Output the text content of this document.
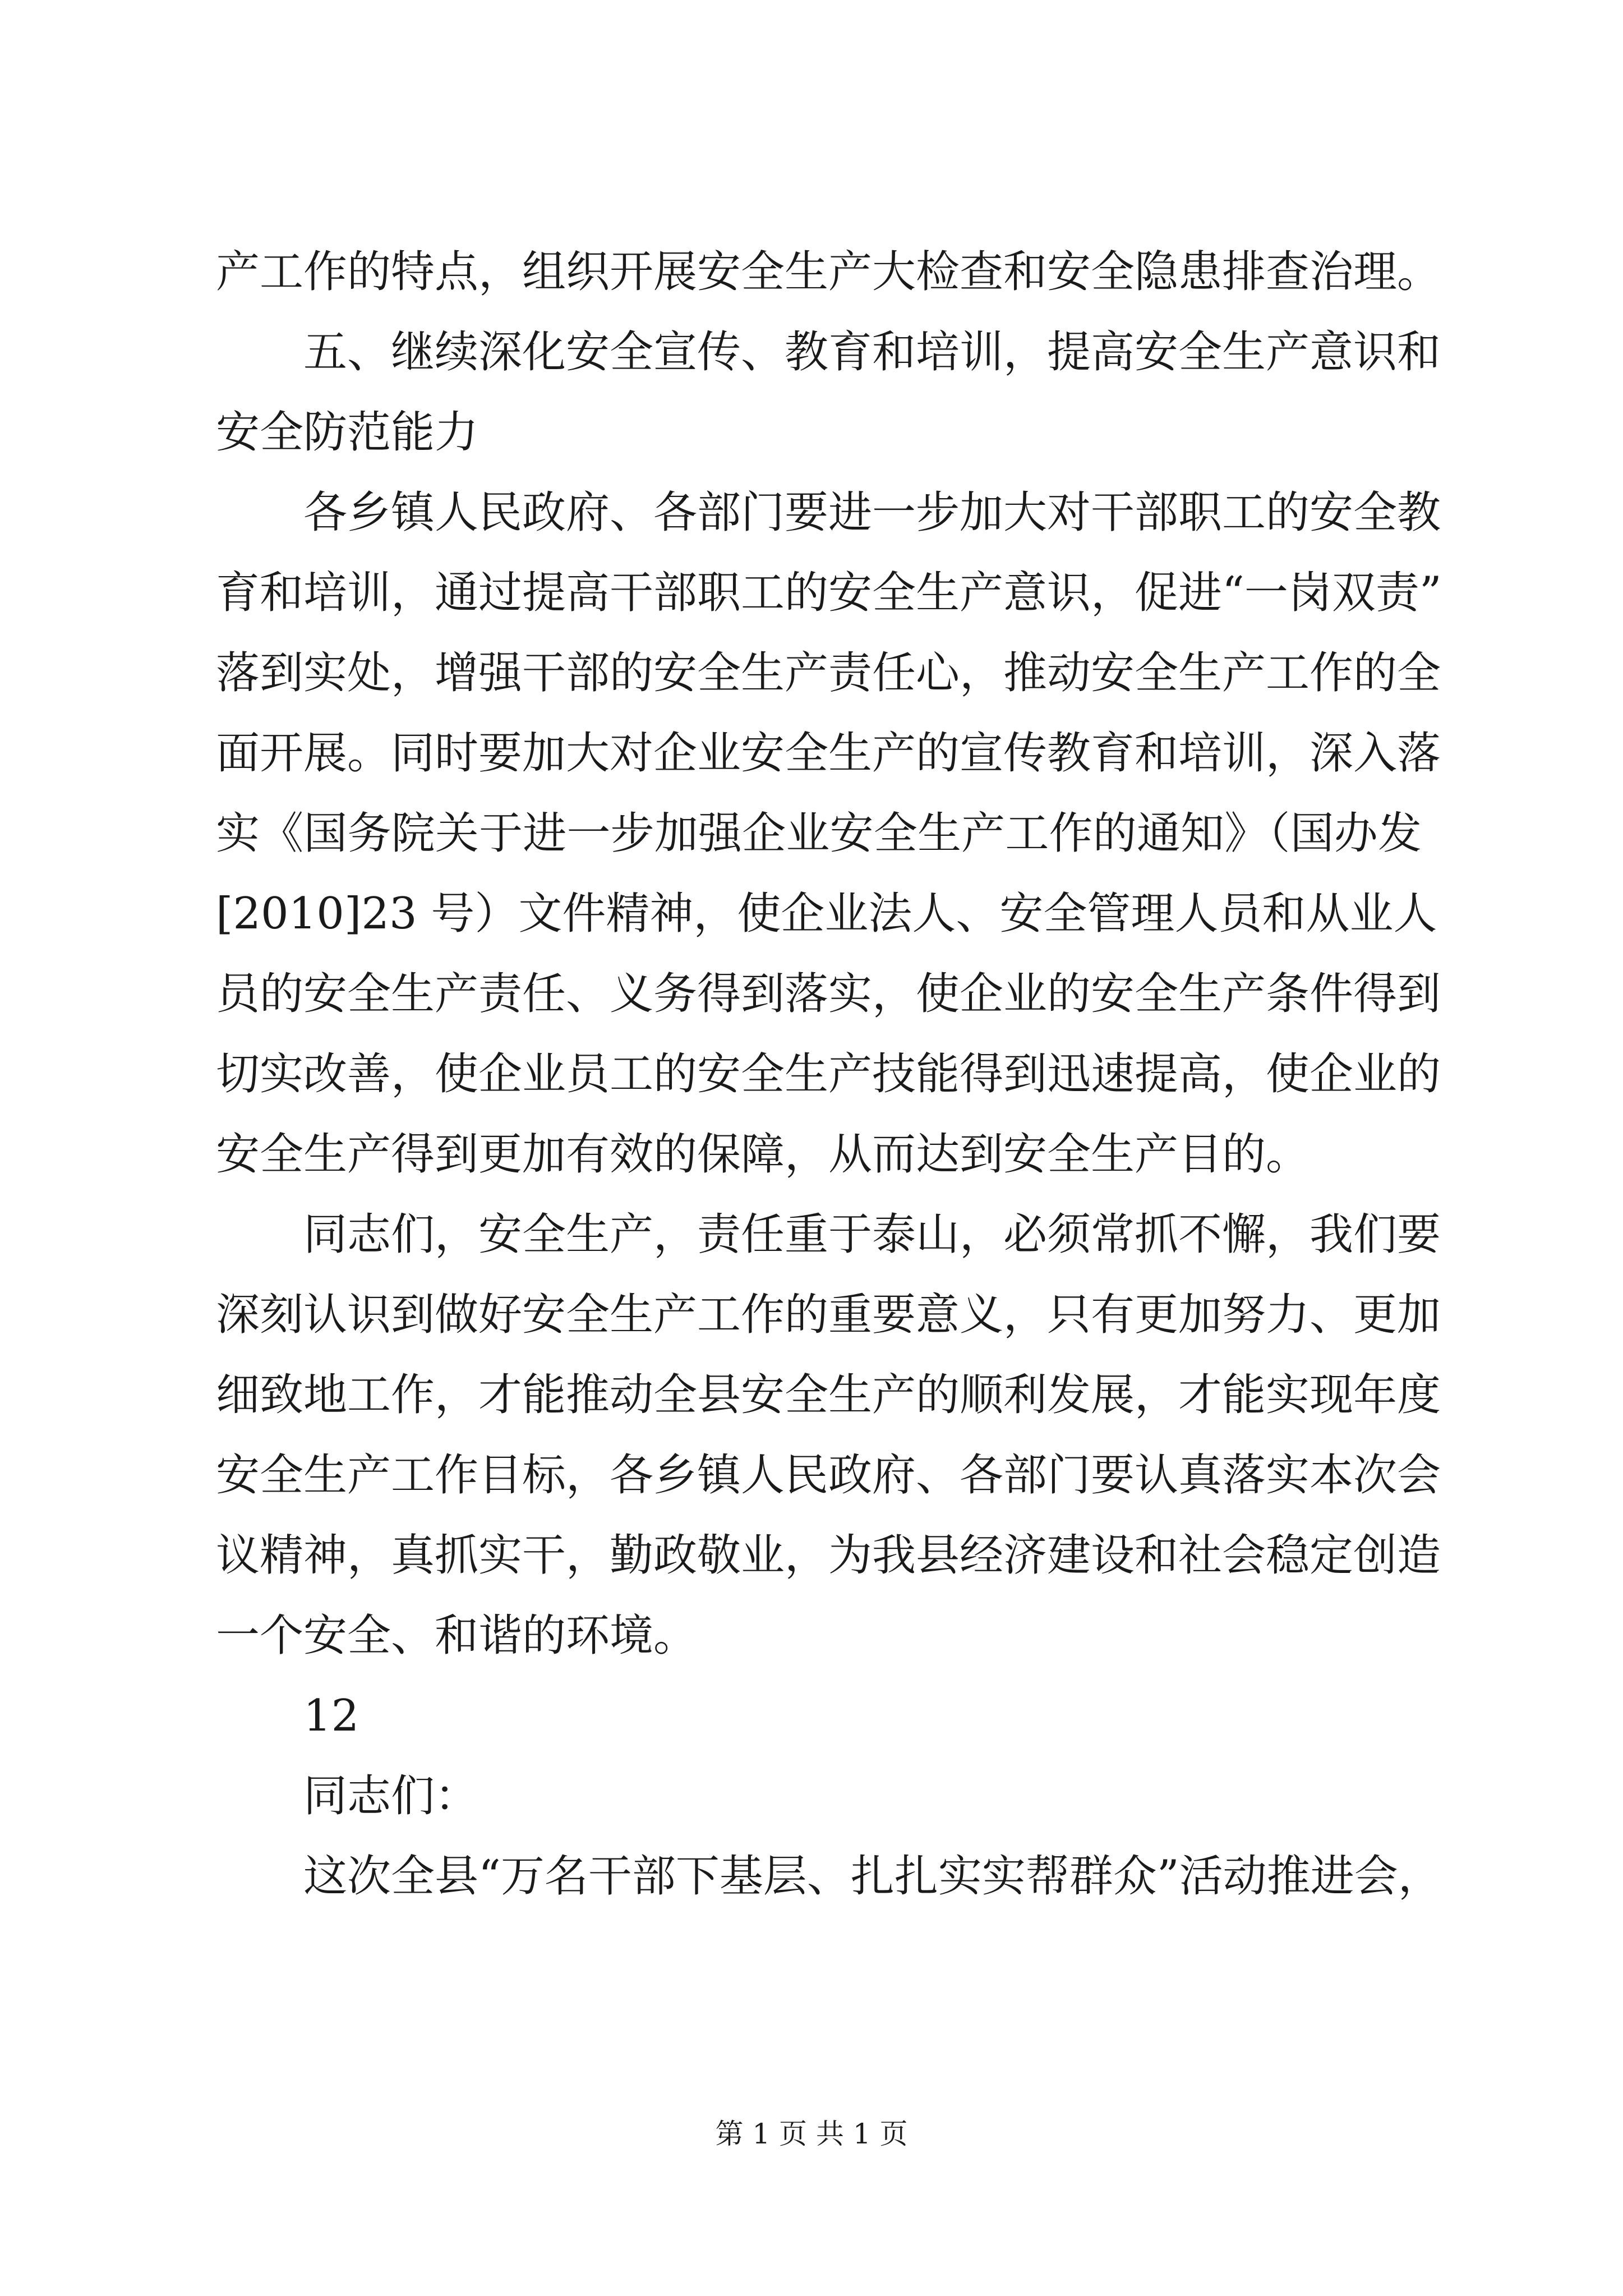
产工作的特点，组织开展安全生产大检查和安全隐患排查治理。
五、继续深化安全宣传、教育和培训，提高安全生产意识和
安全防范能力
各乡镇人民政府、各部门要进一步加大对干部职工的安全教
育和培训，通过提高干部职工的安全生产意识，促进“一岗双责”
落到实处，增强干部的安全生产责任心，推动安全生产工作的全
面开展。同时要加大对企业安全生产的宣传教育和培训，深入落
实《国务院关于进一步加强企业安全生产工作的通知》（国办发
[2010]23 号）文件精神，使企业法人、安全管理人员和从业人
员的安全生产责任、义务得到落实，使企业的安全生产条件得到
切实改善，使企业员工的安全生产技能得到迅速提高，使企业的
安全生产得到更加有效的保障，从而达到安全生产目的。
同志们，安全生产，责任重于泰山，必须常抓不懈，我们要
深刻认识到做好安全生产工作的重要意义，只有更加努力、更加
细致地工作，才能推动全县安全生产的顺利发展，才能实现年度
安全生产工作目标，各乡镇人民政府、各部门要认真落实本次会
议精神，真抓实干，勤政敬业，为我县经济建设和社会稳定创造
一个安全、和谐的环境。
12
同志们：
这次全县“万名干部下基层、扎扎实实帮群众”活动推进会，
第 1 页 共 1 页
